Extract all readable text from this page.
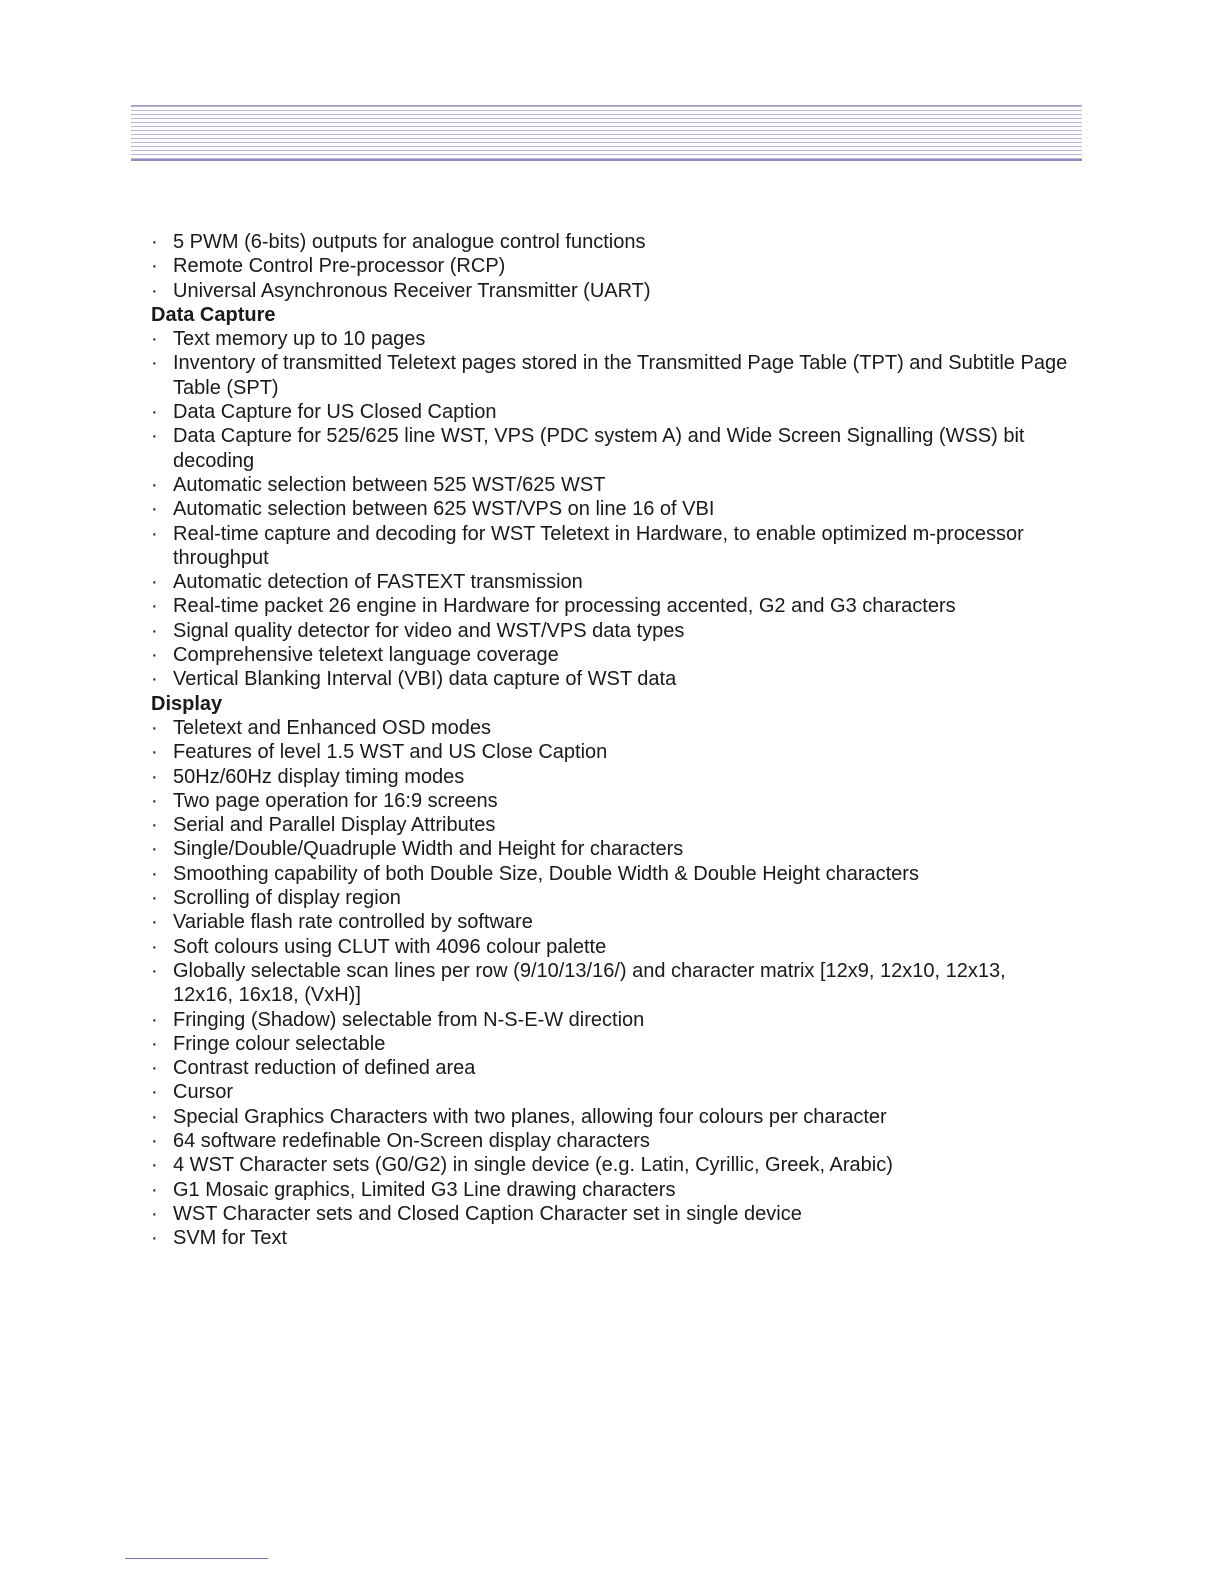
· 5 PWM (6-bits) outputs for analogue control functions
· Remote Control Pre-processor (RCP)
· Universal Asynchronous Receiver Transmitter (UART)
Data Capture
· Text memory up to 10 pages
· Inventory of transmitted Teletext pages stored in the Transmitted Page Table (TPT) and Subtitle Page Table (SPT)
· Data Capture for US Closed Caption
· Data Capture for 525/625 line WST, VPS (PDC system A) and Wide Screen Signalling (WSS) bit decoding
· Automatic selection between 525 WST/625 WST
· Automatic selection between 625 WST/VPS on line 16 of VBI
· Real-time capture and decoding for WST Teletext in Hardware, to enable optimized m-processor throughput
· Automatic detection of FASTEXT transmission
· Real-time packet 26 engine in Hardware for processing accented, G2 and G3 characters
· Signal quality detector for video and WST/VPS data types
· Comprehensive teletext language coverage
· Vertical Blanking Interval (VBI) data capture of WST data
Display
· Teletext and Enhanced OSD modes
· Features of level 1.5 WST and US Close Caption
· 50Hz/60Hz display timing modes
· Two page operation for 16:9 screens
· Serial and Parallel Display Attributes
· Single/Double/Quadruple Width and Height for characters
· Smoothing capability of both Double Size, Double Width & Double Height characters
· Scrolling of display region
· Variable flash rate controlled by software
· Soft colours using CLUT with 4096 colour palette
· Globally selectable scan lines per row (9/10/13/16/) and character matrix [12x9, 12x10, 12x13, 12x16, 16x18, (VxH)]
· Fringing (Shadow) selectable from N-S-E-W direction
· Fringe colour selectable
· Contrast reduction of defined area
· Cursor
· Special Graphics Characters with two planes, allowing four colours per character
· 64 software redefinable On-Screen display characters
· 4 WST Character sets (G0/G2) in single device (e.g. Latin, Cyrillic, Greek, Arabic)
· G1 Mosaic graphics, Limited G3 Line drawing characters
· WST Character sets and Closed Caption Character set in single device
· SVM for Text
